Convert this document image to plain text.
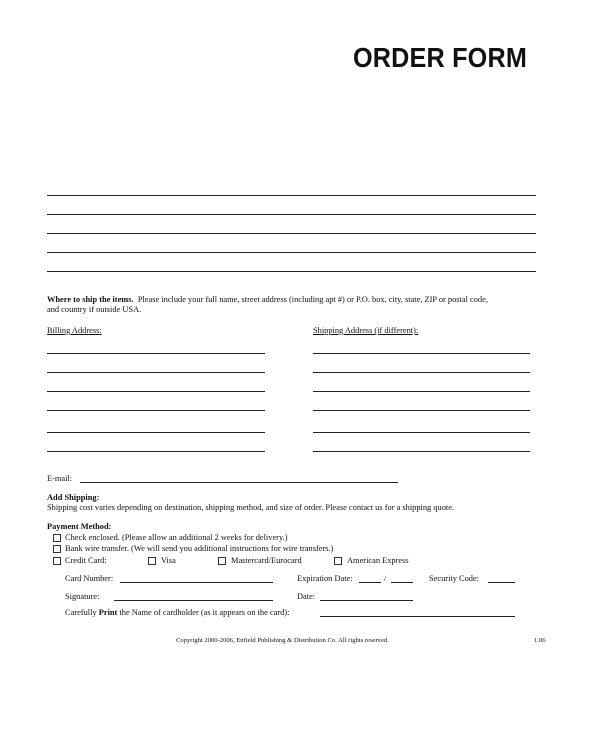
ORDER FORM
Where to ship the items. Please include your full name, street address (including apt #) or P.O. box, city, state, ZIP or postal code,
and country if outside USA.
Billing Address:	Shipping Address (if different):
E-mail:
Add Shipping:
Shipping cost varies depending on destination, shipping method, and size of order. Please contact us for a shipping quote.
Payment Method:
Check enclosed. (Please allow an additional 2 weeks for delivery.)
Bank wire transfer. (We will send you additional instructions for wire transfers.)
Credit Card:	Visa	Mastercard/Eurocard	American Express
Card Number:	Expiration Date:	/	Security Code:
Signature:	Date:
Carefully Print the Name of cardholder (as it appears on the card):
Copyright 2000-2006, Enfield Publishing & Distribution Co. All rights reserved.	1.06
